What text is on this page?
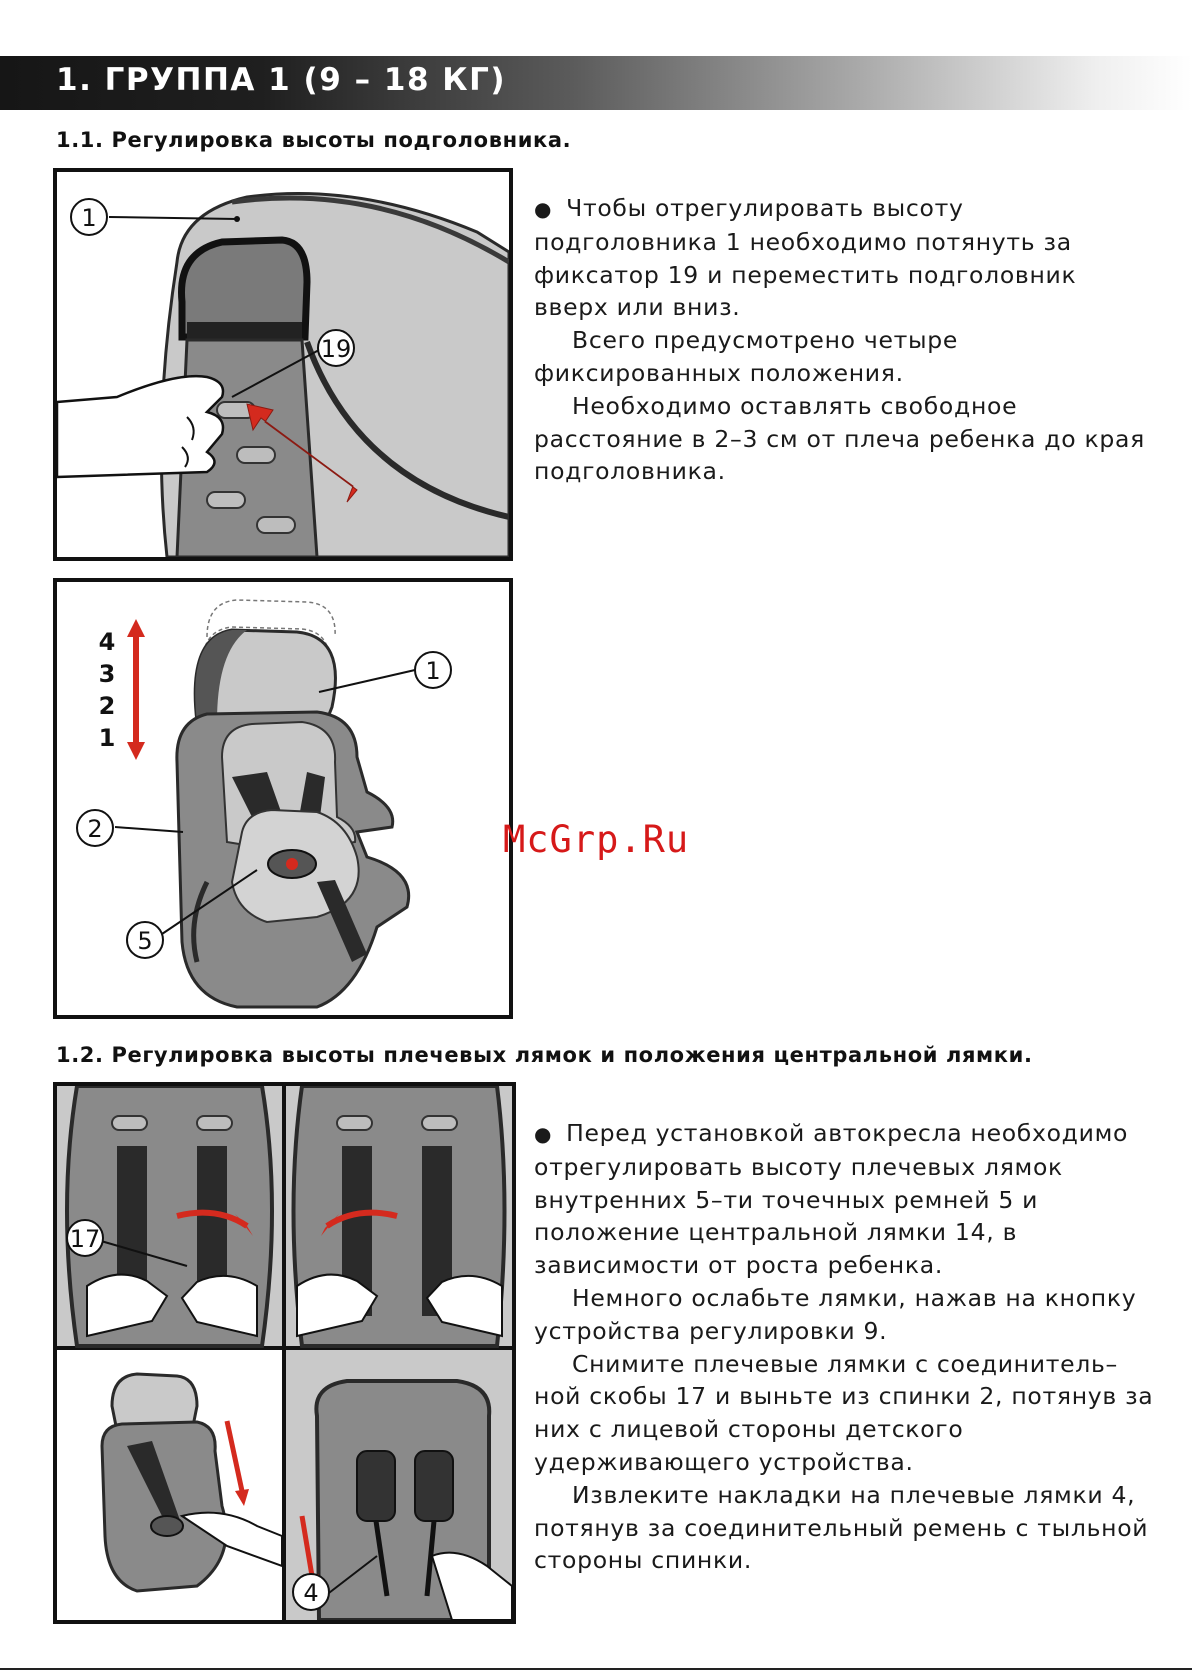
1. ГРУППА 1 (9 – 18 КГ)
1.1. Регулировка высоты подголовника.
1
19
4
3
2
1
1
2
5

● Чтобы отрегулировать высоту подголовника 1 необходимо потянуть за фиксатор 19 и переместить подголовник вверх или вниз.

Всего предусмотрено четыре фиксированных положения.

Необходимо оставлять свободное расстояние в 2–3 см от плеча ребенка до края подголовника.

McGrp.Ru
1.2. Регулировка высоты плечевых лямок и положения центральной лямки.
17
4

● Перед установкой автокресла необходимо отрегулировать высоту плечевых лямок внутренних 5–ти точечных ремней 5 и положение центральной лямки 14, в зависимости от роста ребенка.

Немного ослабьте лямки, нажав на кнопку устройства регулировки 9.

Снимите плечевые лямки с соединитель–ной скобы 17 и выньте из спинки 2, потянув за них с лицевой стороны детского удерживающего устройства.

Извлеките накладки на плечевые лямки 4, потянув за соединительный ремень с тыльной стороны спинки.
